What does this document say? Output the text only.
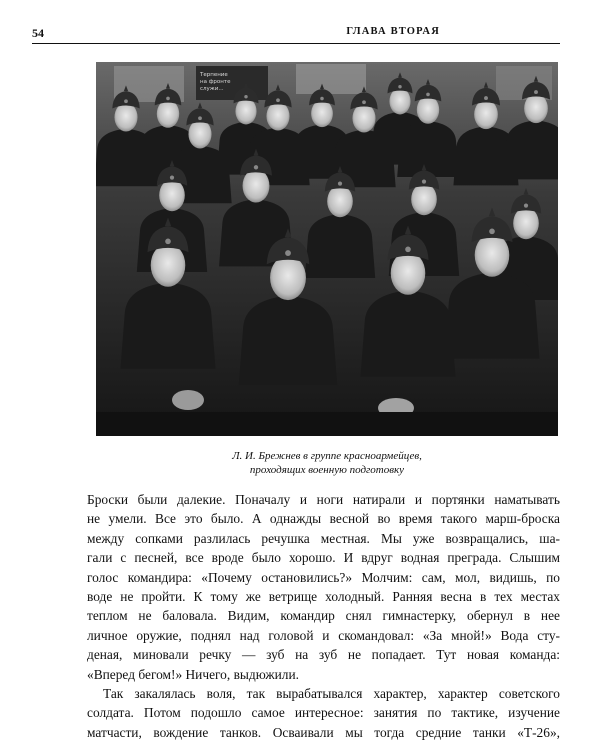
54	ГЛАВА ВТОРАЯ
Терпение на фронте служи...
Л. И. Брежнев в группе красноармейцев,
проходящих военную подготовку
Броски были далекие. Поначалу и ноги натирали и портянки наматывать
не умели. Все это было. А однажды весной во время такого марш-броска
между сопками разлилась речушка местная. Мы уже возвращались, ша-
гали с песней, все вроде было хорошо. И вдруг водная преграда. Слышим
голос командира: «Почему остановились?» Молчим: сам, мол, видишь, по
воде не пройти. К тому же ветрище холодный. Ранняя весна в тех местах
теплом не баловала. Видим, командир снял гимнастерку, обернул в нее
личное оружие, поднял над головой и скомандовал: «За мной!» Вода сту-
деная, миновали речку — зуб на зуб не попадает. Тут новая команда:
«Вперед бегом!» Ничего, выдюжили.
Так закалялась воля, так вырабатывался характер, характер советского
солдата. Потом подошло самое интересное: занятия по тактике, изучение
матчасти, вождение танков. Осваивали мы тогда средние танки «Т-26»,
